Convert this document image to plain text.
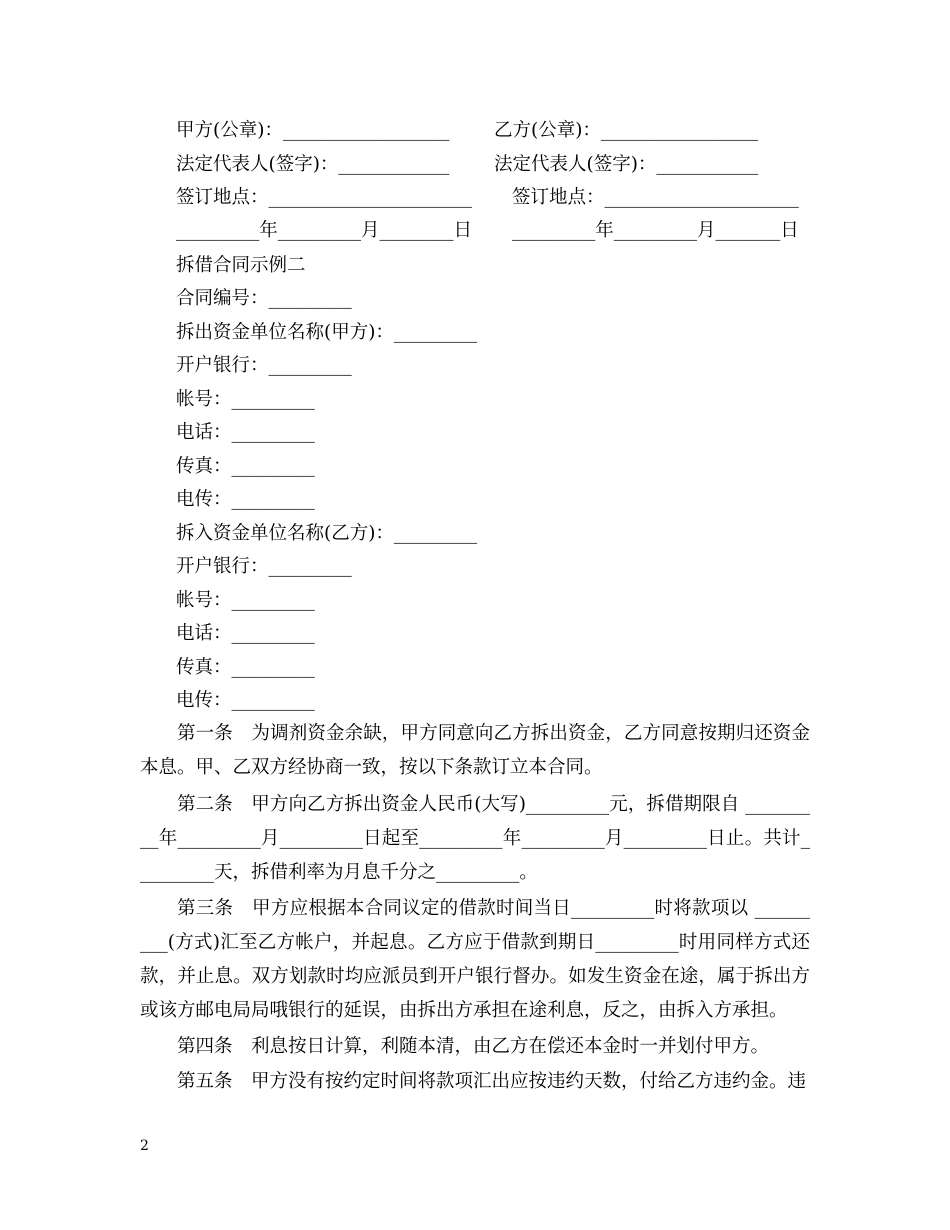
甲方(公章)：__________________
法定代表人(签字)：____________
签订地点：______________________
_________年_________月________日
乙方(公章)：_________________
法定代表人(签字)：___________
签订地点：_____________________
_________年_________月_______日
拆借合同示例二
合同编号：_________
拆出资金单位名称(甲方)：_________
开户银行：_________
帐号：_________
电话：_________
传真：_________
电传：_________
拆入资金单位名称(乙方)：_________
开户银行：_________
帐号：_________
电话：_________
传真：_________
电传：_________
第一条　为调剂资金余缺，甲方同意向乙方拆出资金，乙方同意按期归还资金本息。甲、乙双方经协商一致，按以下条款订立本合同。
第二条　甲方向乙方拆出资金人民币(大写)_________元，拆借期限自 _________年_________月_________日起至_________年_________月_________日止。共计_________天，拆借利率为月息千分之_________。
第三条　甲方应根据本合同议定的借款时间当日_________时将款项以 _________(方式)汇至乙方帐户，并起息。乙方应于借款到期日_________时用同样方式还款，并止息。双方划款时均应派员到开户银行督办。如发生资金在途，属于拆出方或该方邮电局局哦银行的延误，由拆出方承担在途利息，反之，由拆入方承担。
第四条　利息按日计算，利随本清，由乙方在偿还本金时一并划付甲方。
第五条　甲方没有按约定时间将款项汇出应按违约天数，付给乙方违约金。违
2
